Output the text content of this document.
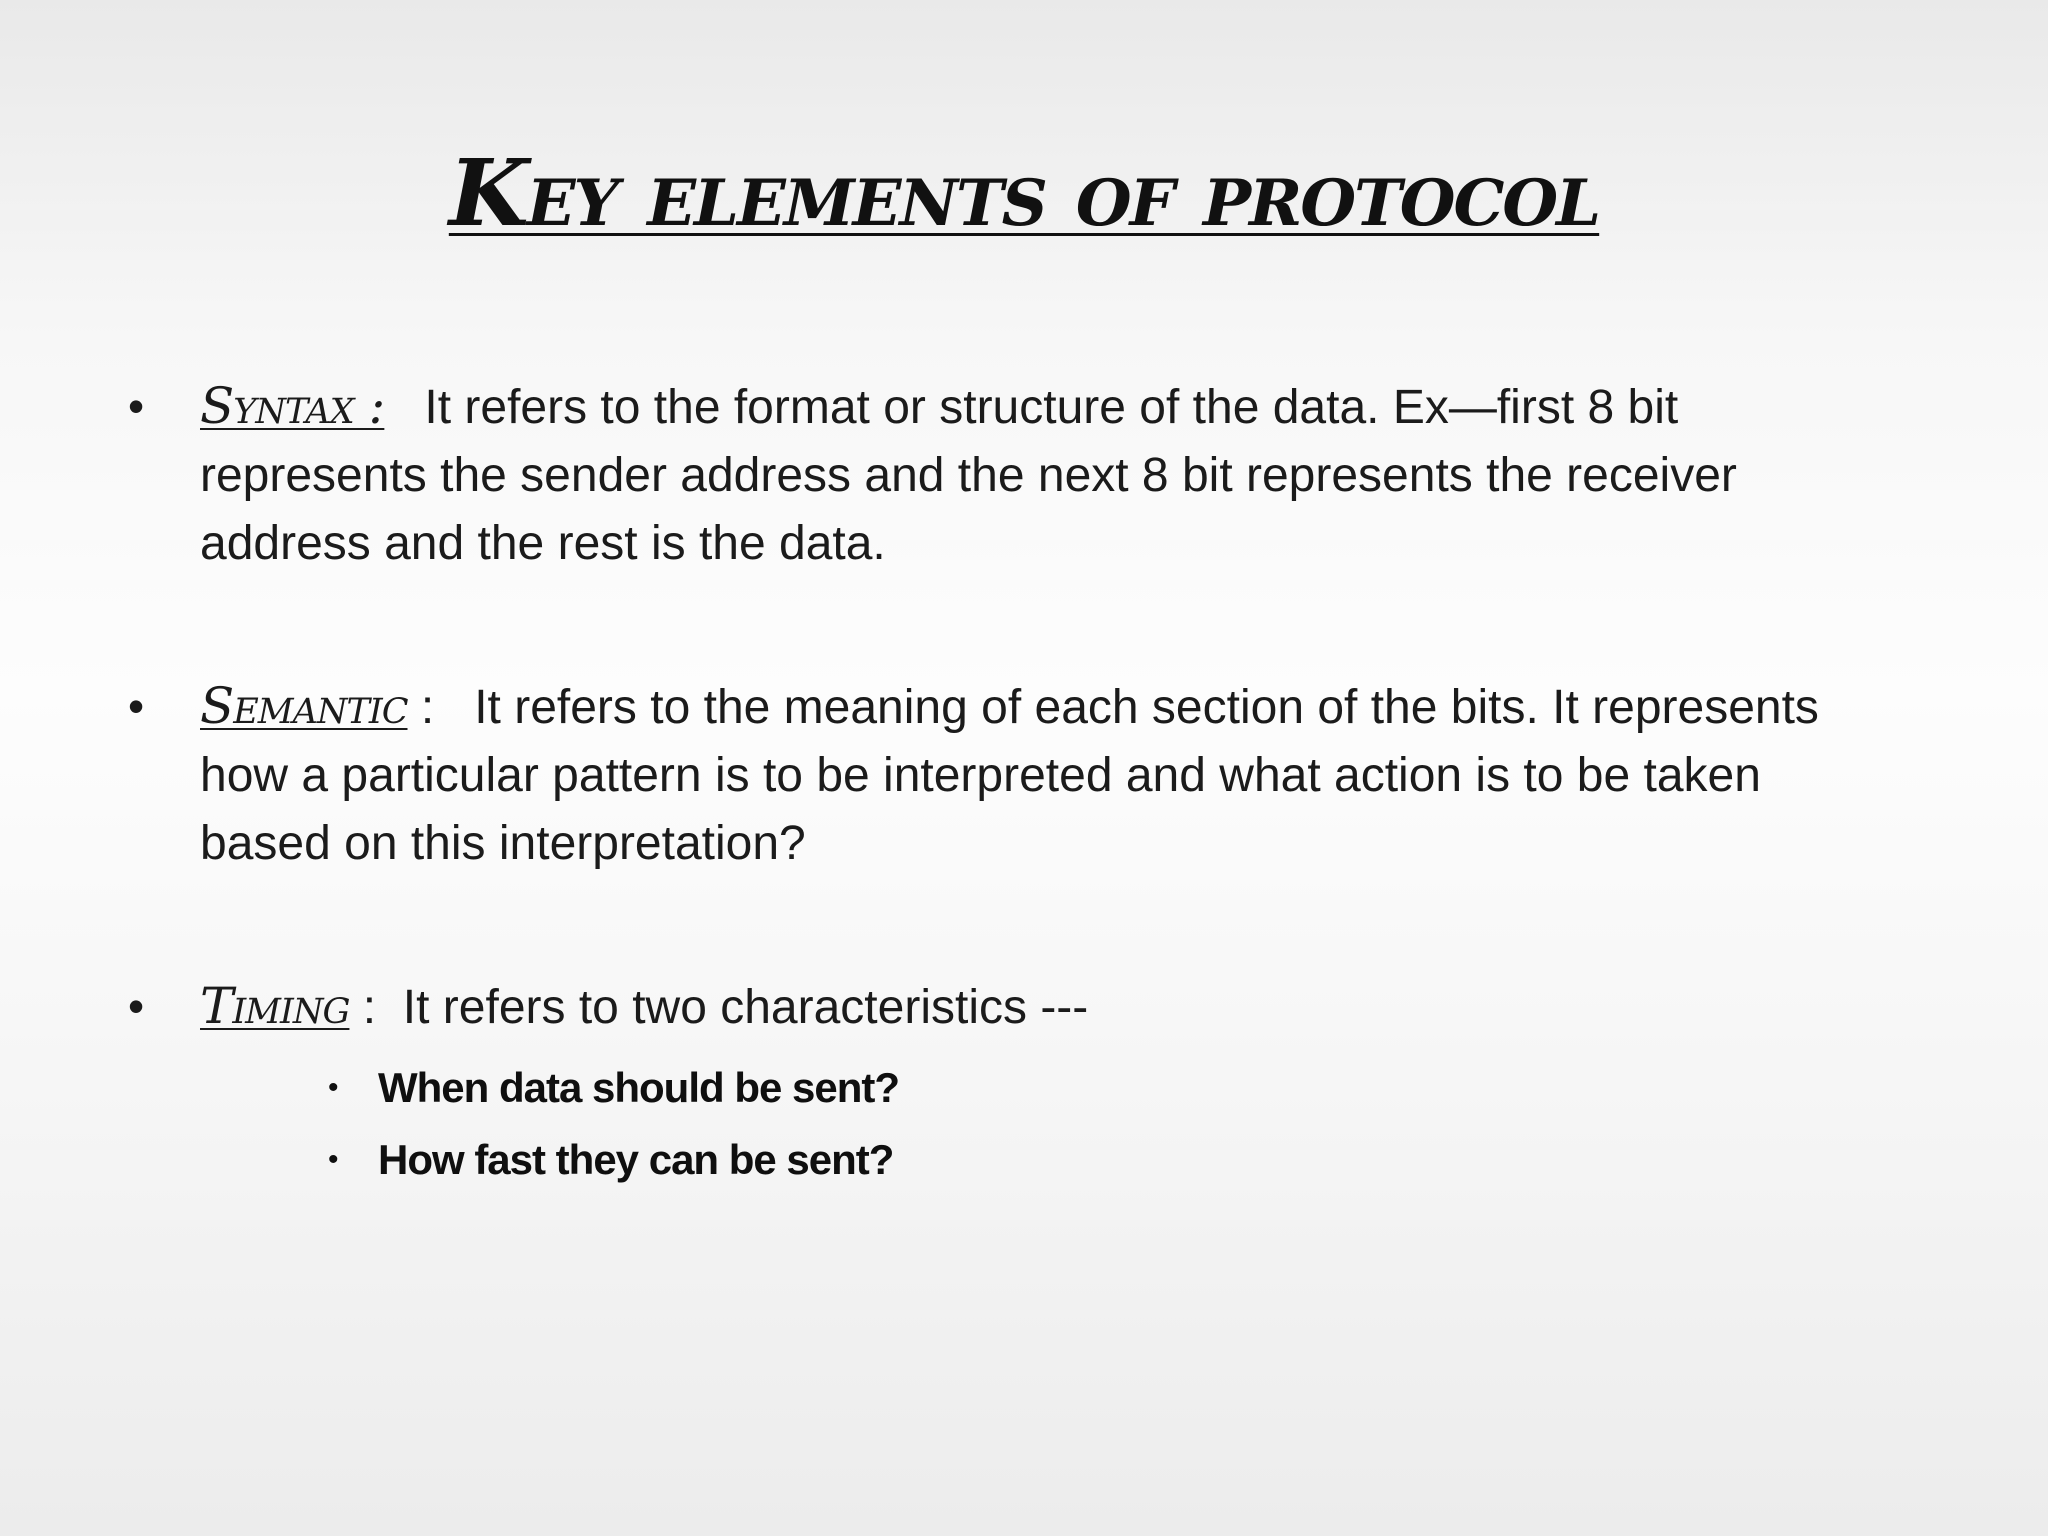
Key elements of protocol
•	Syntax : It refers to the format or structure of the data. Ex—first 8 bit represents the sender address and the next 8 bit represents the receiver address and the rest is the data.
•	Semantic : It refers to the meaning of each section of the bits. It represents how a particular pattern is to be interpreted and what action is to be taken based on this interpretation?
•	Timing : It refers to two characteristics ---
• When data should be sent?
• How fast they can be sent?
